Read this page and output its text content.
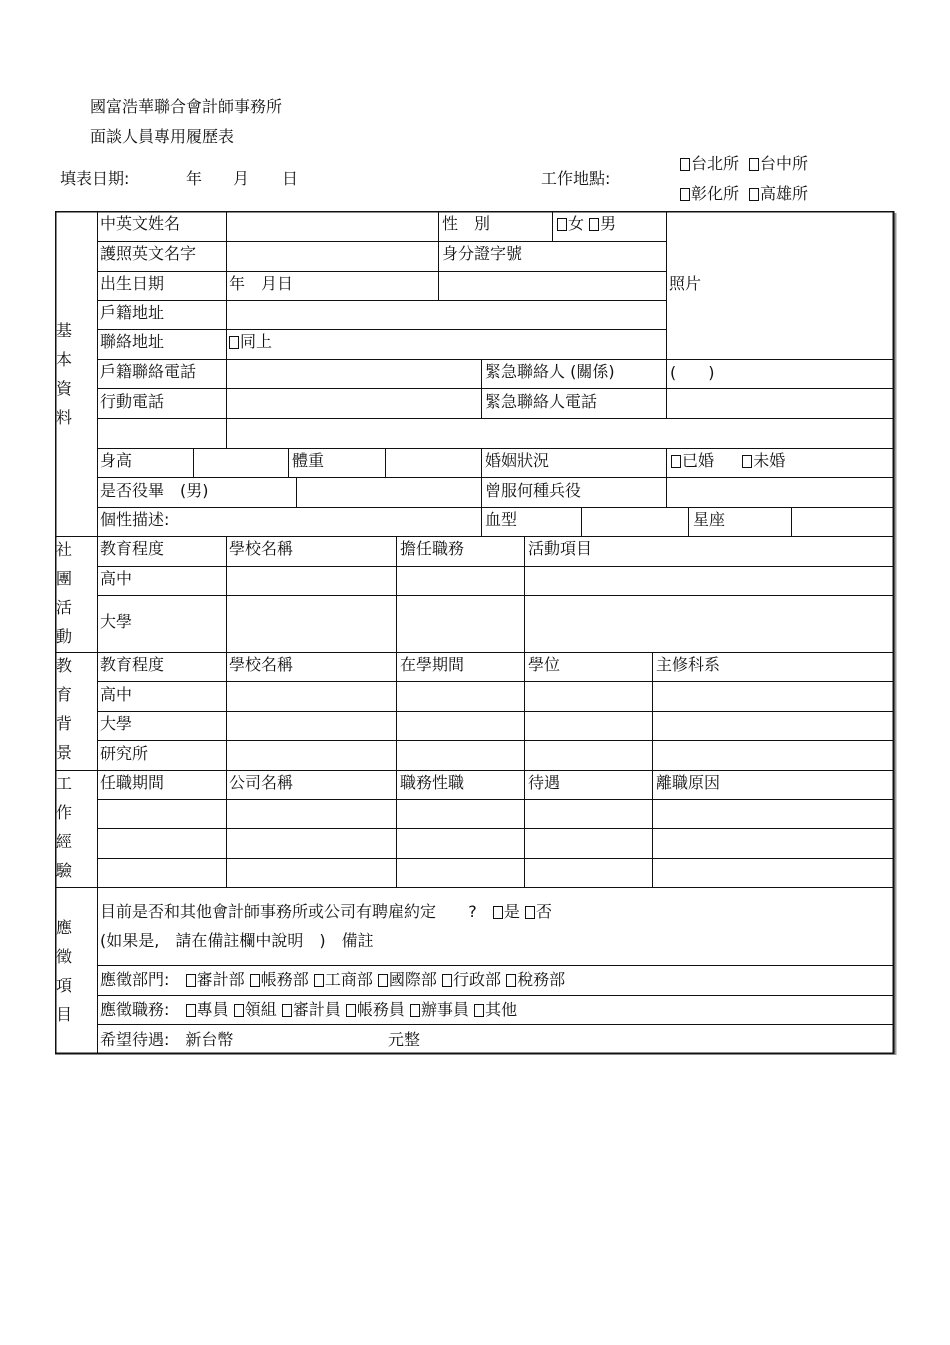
國富浩華聯合會計師事務所
面談人員專用履歷表
填表日期:	年 月 日	工作地點:
台北所	台中所
彰化所	高雄所
基本資料
社團活動
教育背景
工作經驗
應徵項目
中英文姓名	性　別	女 男
護照英文名字	身分證字號
出生日期	年　月日	照片
戶籍地址
聯絡地址	同上
戶籍聯絡電話	緊急聯絡人 (關係)	(　　)
行動電話	緊急聯絡人電話
身高	體重	婚姻狀況	已婚 未婚
是否役畢　(男)	曾服何種兵役
個性描述:	血型	星座
教育程度	學校名稱	擔任職務	活動項目
高中
大學
教育程度	學校名稱	在學期間	學位	主修科系
高中
大學
研究所
任職期間	公司名稱	職務性職	待遇	離職原因
目前是否和其他會計師事務所或公司有聘雇約定 ? 是 否
(如果是,　請在備註欄中說明　)　備註
應徵部門: 審計部 帳務部 工商部 國際部 行政部 稅務部
應徵職務: 專員 領組 審計員 帳務員 辦事員 其他
希望待遇:　新台幣	元整
